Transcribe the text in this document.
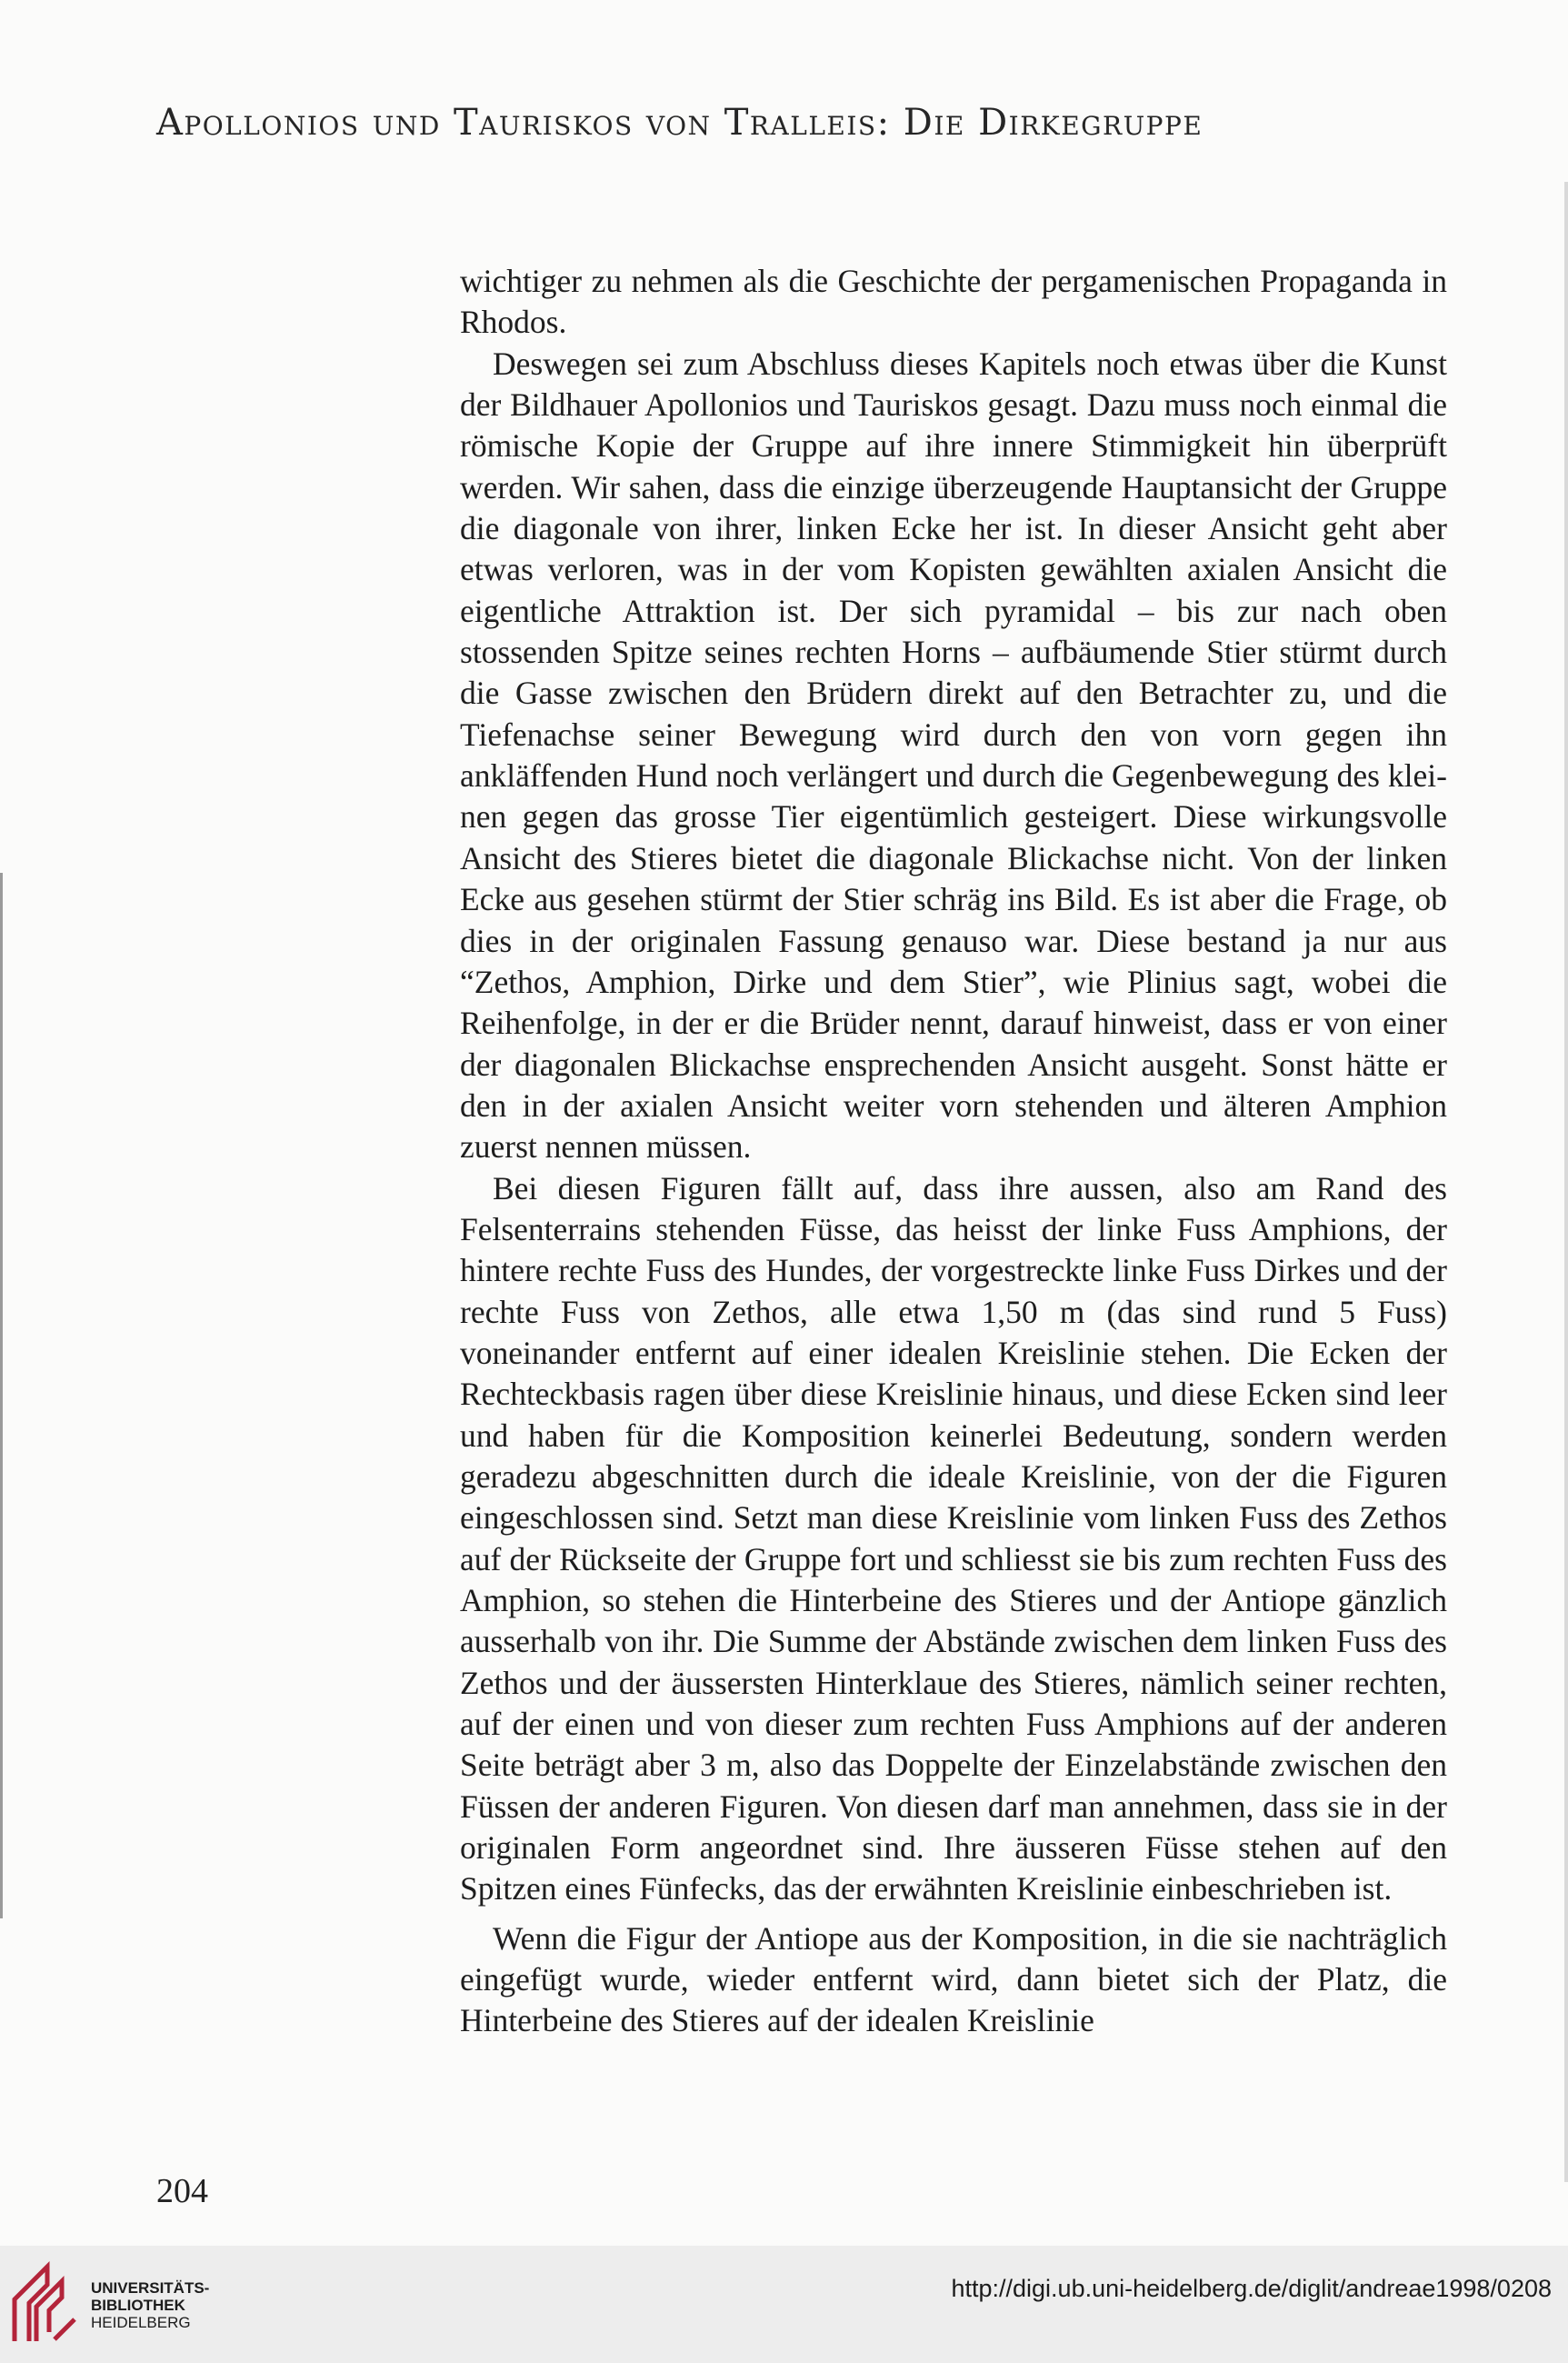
Apollonios und Tauriskos von Tralleis: Die Dirkegruppe

wichtiger zu nehmen als die Geschichte der pergamenischen Propaganda in Rhodos.

Deswegen sei zum Abschluss dieses Kapitels noch etwas über die Kunst der Bildhauer Apollonios und Tauriskos gesagt. Dazu muss noch einmal die römische Kopie der Gruppe auf ihre innere Stimmigkeit hin überprüft werden. Wir sahen, dass die einzige überzeugende Hauptansicht der Gruppe die diagonale von ihrer, linken Ecke her ist. In dieser Ansicht geht aber etwas verloren, was in der vom Kopisten gewählten axialen Ansicht die eigentliche Attraktion ist. Der sich pyramidal – bis zur nach oben stossenden Spitze seines rechten Horns – aufbäumende Stier stürmt durch die Gasse zwischen den Brüdern direkt auf den Betrachter zu, und die Tiefenachse seiner Bewegung wird durch den von vorn gegen ihn ankläffenden Hund noch verlängert und durch die Gegenbewegung des kleinen gegen das grosse Tier eigentümlich gesteigert. Diese wirkungsvolle Ansicht des Stieres bietet die diagonale Blickachse nicht. Von der linken Ecke aus gesehen stürmt der Stier schräg ins Bild. Es ist aber die Frage, ob dies in der originalen Fassung genauso war. Diese bestand ja nur aus “Zethos, Amphion, Dirke und dem Stier”, wie Plinius sagt, wobei die Reihenfolge, in der er die Brüder nennt, darauf hinweist, dass er von einer der diagonalen Blickachse ensprechenden Ansicht ausgeht. Sonst hätte er den in der axialen Ansicht weiter vorn stehenden und älteren Amphion zuerst nennen müssen.

Bei diesen Figuren fällt auf, dass ihre aussen, also am Rand des Felsenterrains stehenden Füsse, das heisst der linke Fuss Amphions, der hintere rechte Fuss des Hundes, der vorgestreckte linke Fuss Dirkes und der rechte Fuss von Zethos, alle etwa 1,50 m (das sind rund 5 Fuss) voneinander entfernt auf einer idealen Kreislinie stehen. Die Ecken der Rechteckbasis ragen über diese Kreislinie hinaus, und diese Ecken sind leer und haben für die Komposition keinerlei Bedeutung, sondern werden geradezu abgeschnitten durch die ideale Kreislinie, von der die Figuren eingeschlossen sind. Setzt man diese Kreislinie vom linken Fuss des Zethos auf der Rückseite der Gruppe fort und schliesst sie bis zum rechten Fuss des Amphion, so stehen die Hinterbeine des Stieres und der Antiope gänzlich ausserhalb von ihr. Die Summe der Abstände zwischen dem linken Fuss des Zethos und der äussersten Hinterklaue des Stieres, nämlich seiner rechten, auf der einen und von dieser zum rechten Fuss Amphions auf der anderen Seite beträgt aber 3 m, also das Doppelte der Einzelabstände zwischen den Füssen der anderen Figuren. Von diesen darf man annehmen, dass sie in der originalen Form angeordnet sind. Ihre äusseren Füsse stehen auf den Spitzen eines Fünfecks, das der erwähnten Kreislinie einbeschrieben ist.

Wenn die Figur der Antiope aus der Komposition, in die sie nachträglich eingefügt wurde, wieder entfernt wird, dann bietet sich der Platz, die Hinterbeine des Stieres auf der idealen Kreislinie

204
UNIVERSITÄTS-
BIBLIOTHEK
HEIDELBERG
http://digi.ub.uni-heidelberg.de/diglit/andreae1998/0208
